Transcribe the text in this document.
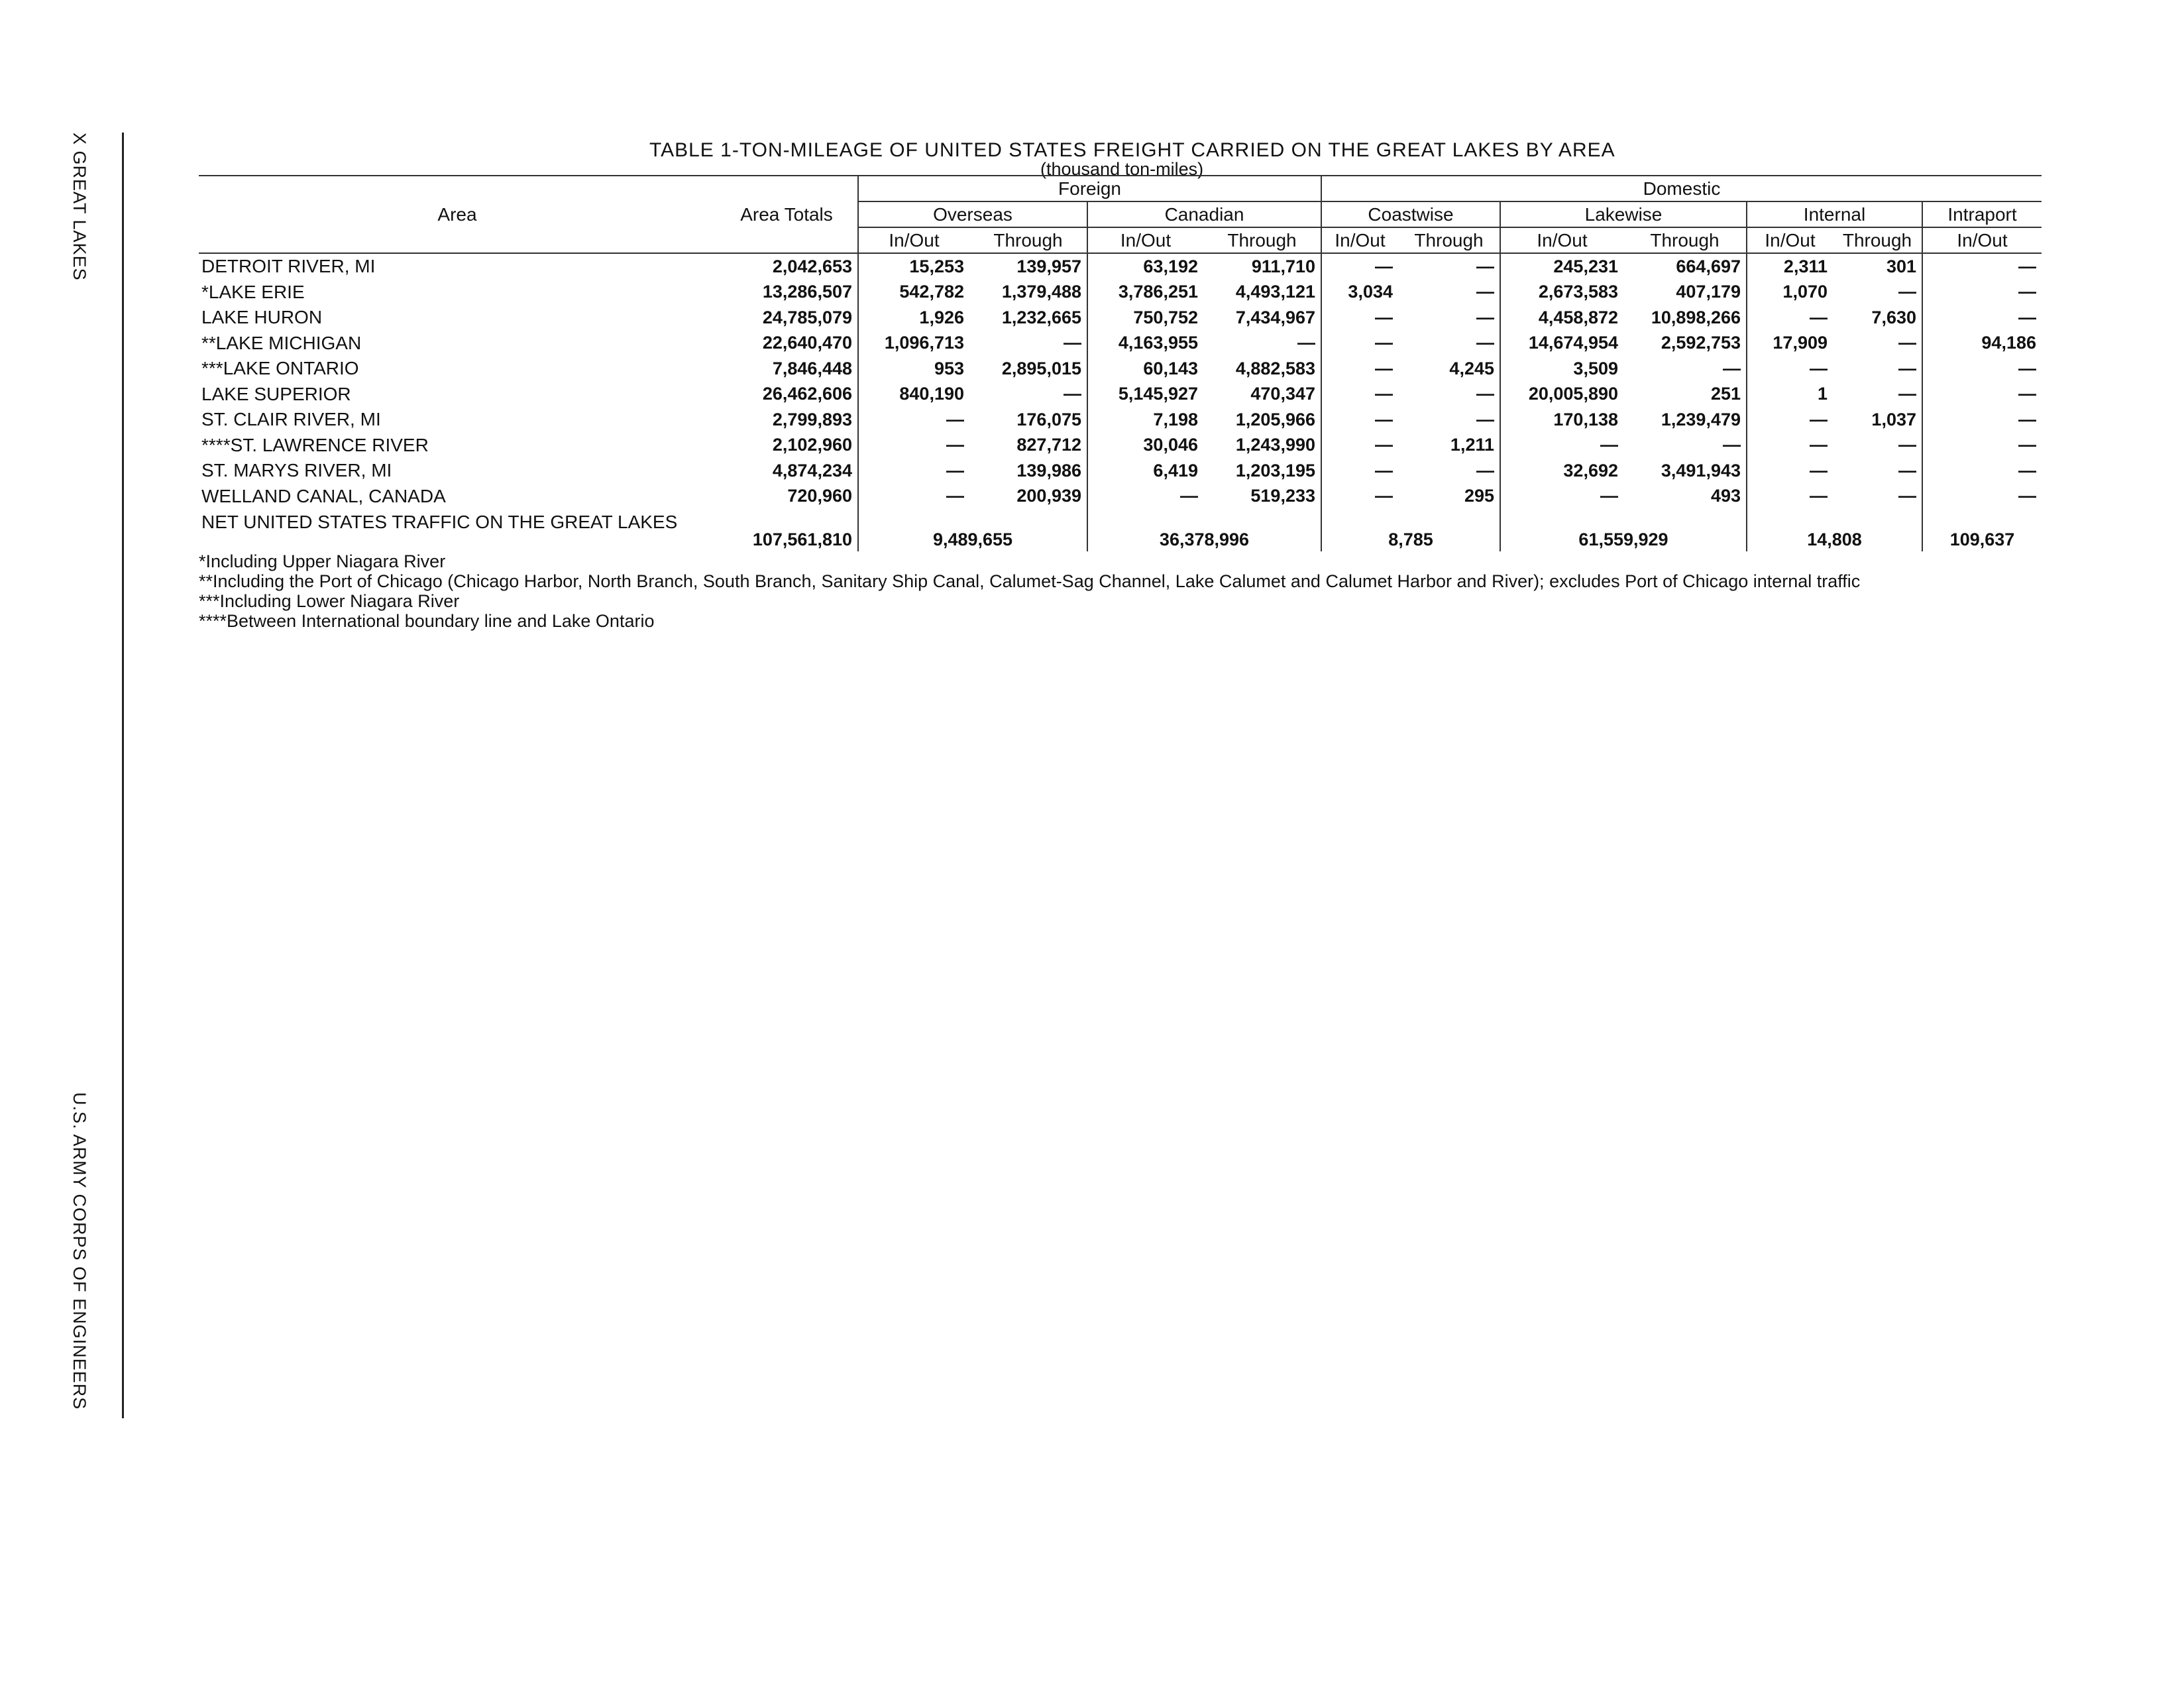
X GREAT LAKES
U.S. ARMY CORPS OF ENGINEERS
TABLE 1-TON-MILEAGE OF UNITED STATES FREIGHT CARRIED ON THE GREAT LAKES BY AREA
(thousand ton-miles)
Area	Area Totals	Foreign				Domestic						
		Overseas		Canadian		Coastwise		Lakewise		Internal		Intraport
		In/Out	Through	In/Out	Through	In/Out	Through	In/Out	Through	In/Out	Through	In/Out
DETROIT RIVER, MI	2,042,653	15,253	139,957	63,192	911,710	—	—	245,231	664,697	2,311	301	—
*LAKE ERIE	13,286,507	542,782	1,379,488	3,786,251	4,493,121	3,034	—	2,673,583	407,179	1,070	—	—
LAKE HURON	24,785,079	1,926	1,232,665	750,752	7,434,967	—	—	4,458,872	10,898,266	—	7,630	—
**LAKE MICHIGAN	22,640,470	1,096,713	—	4,163,955	—	—	—	14,674,954	2,592,753	17,909	—	94,186
***LAKE ONTARIO	7,846,448	953	2,895,015	60,143	4,882,583	—	4,245	3,509	—	—	—	—
LAKE SUPERIOR	26,462,606	840,190	—	5,145,927	470,347	—	—	20,005,890	251	1	—	—
ST. CLAIR RIVER, MI	2,799,893	—	176,075	7,198	1,205,966	—	—	170,138	1,239,479	—	1,037	—
****ST. LAWRENCE RIVER	2,102,960	—	827,712	30,046	1,243,990	—	1,211	—	—	—	—	—
ST. MARYS RIVER, MI	4,874,234	—	139,986	6,419	1,203,195	—	—	32,692	3,491,943	—	—	—
WELLAND CANAL, CANADA	720,960	—	200,939	—	519,233	—	295	—	493	—	—	—
NET UNITED STATES TRAFFIC ON THE GREAT LAKES	107,561,810	9,489,655		36,378,996		8,785		61,559,929		14,808		109,637
*Including Upper Niagara River
**Including the Port of Chicago (Chicago Harbor, North Branch, South Branch, Sanitary Ship Canal, Calumet-Sag Channel, Lake Calumet and Calumet Harbor and River); excludes Port of Chicago internal traffic
***Including Lower Niagara River
****Between International boundary line and Lake Ontario
